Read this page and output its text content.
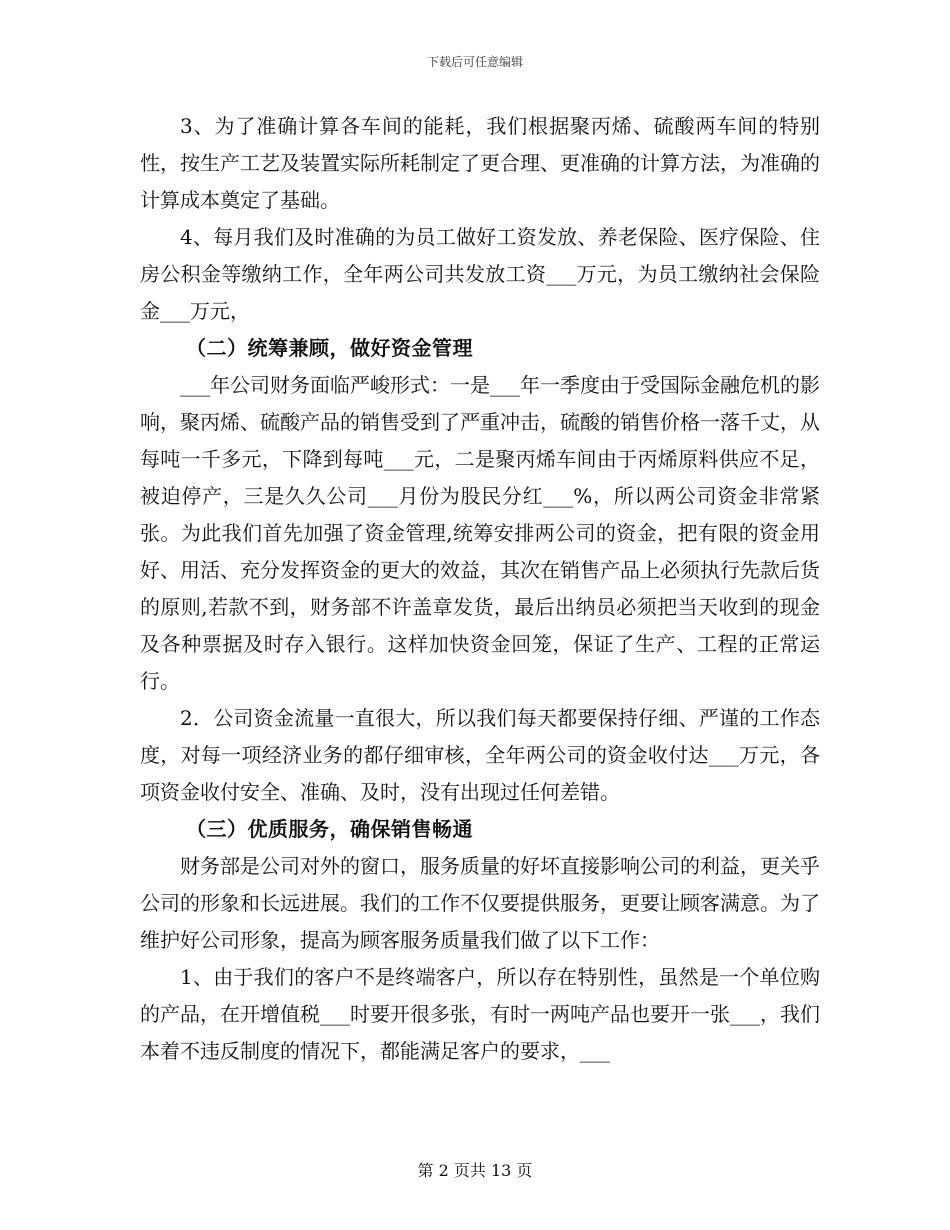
下载后可任意编辑

3、为了准确计算各车间的能耗，我们根据聚丙烯、硫酸两车间的特别性，按生产工艺及装置实际所耗制定了更合理、更准确的计算方法，为准确的计算成本奠定了基础。

4、每月我们及时准确的为员工做好工资发放、养老保险、医疗保险、住房公积金等缴纳工作，全年两公司共发放工资___万元，为员工缴纳社会保险金___万元，

（二）统筹兼顾，做好资金管理

___年公司财务面临严峻形式：一是___年一季度由于受国际金融危机的影响，聚丙烯、硫酸产品的销售受到了严重冲击，硫酸的销售价格一落千丈，从每吨一千多元，下降到每吨___元，二是聚丙烯车间由于丙烯原料供应不足，被迫停产，三是久久公司___月份为股民分红___%，所以两公司资金非常紧张。为此我们首先加强了资金管理,统筹安排两公司的资金，把有限的资金用好、用活、充分发挥资金的更大的效益，其次在销售产品上必须执行先款后货的原则,若款不到，财务部不许盖章发货，最后出纳员必须把当天收到的现金及各种票据及时存入银行。这样加快资金回笼，保证了生产、工程的正常运行。

2．公司资金流量一直很大，所以我们每天都要保持仔细、严谨的工作态度，对每一项经济业务的都仔细审核，全年两公司的资金收付达___万元，各项资金收付安全、准确、及时，没有出现过任何差错。

（三）优质服务，确保销售畅通

财务部是公司对外的窗口，服务质量的好坏直接影响公司的利益，更关乎公司的形象和长远进展。我们的工作不仅要提供服务，更要让顾客满意。为了维护好公司形象，提高为顾客服务质量我们做了以下工作：

1、由于我们的客户不是终端客户，所以存在特别性，虽然是一个单位购的产品，在开增值税___时要开很多张，有时一两吨产品也要开一张___，我们本着不违反制度的情况下，都能满足客户的要求，___

第 2 页共 13 页
